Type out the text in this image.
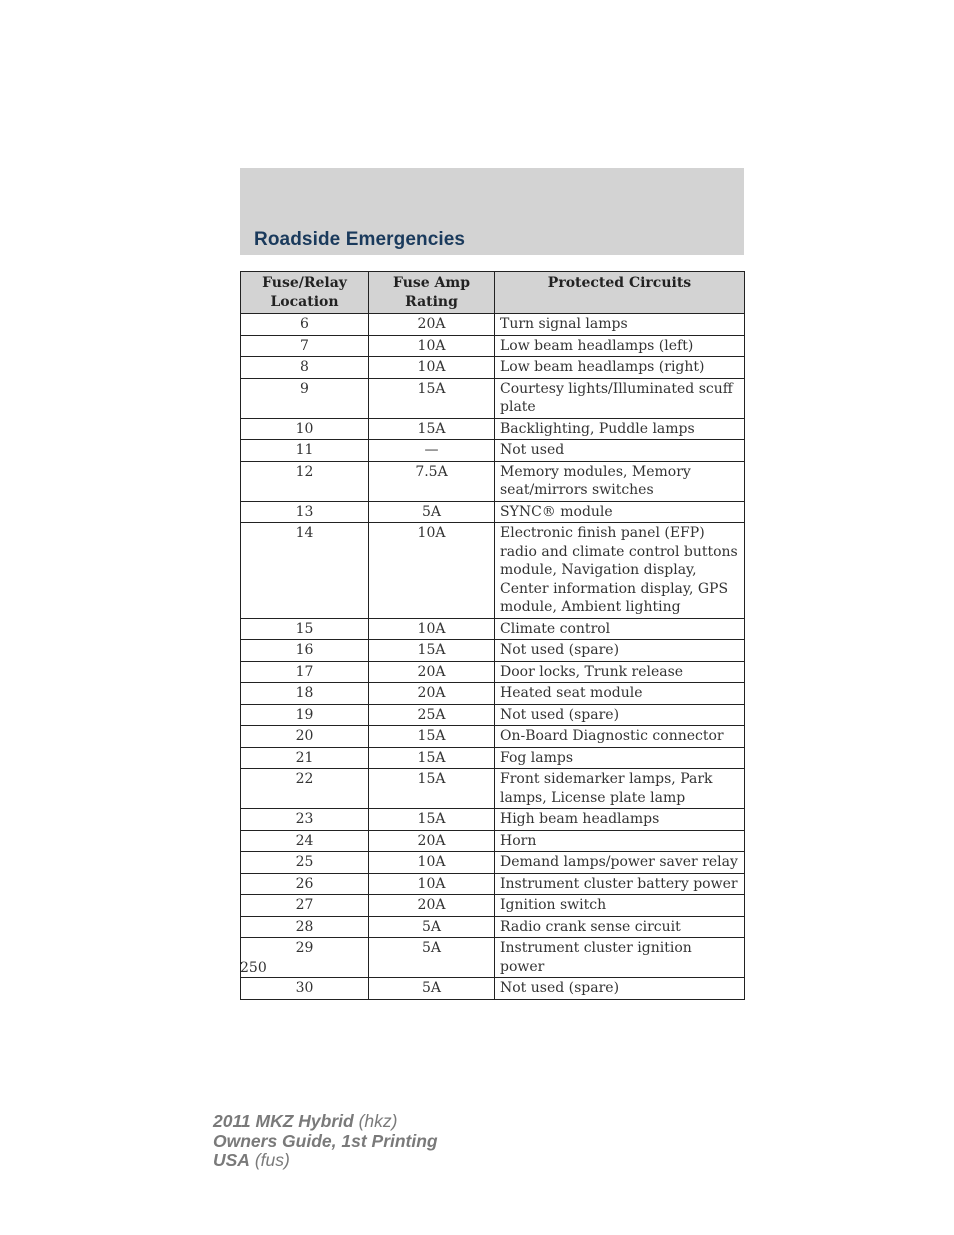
Roadside Emergencies
Fuse/Relay Location	Fuse Amp Rating	Protected Circuits
6	20A	Turn signal lamps
7	10A	Low beam headlamps (left)
8	10A	Low beam headlamps (right)
9	15A	Courtesy lights/Illuminated scuff plate
10	15A	Backlighting, Puddle lamps
11	—	Not used
12	7.5A	Memory modules, Memory seat/mirrors switches
13	5A	SYNC® module
14	10A	Electronic finish panel (EFP) radio and climate control buttons module, Navigation display, Center information display, GPS module, Ambient lighting
15	10A	Climate control
16	15A	Not used (spare)
17	20A	Door locks, Trunk release
18	20A	Heated seat module
19	25A	Not used (spare)
20	15A	On-Board Diagnostic connector
21	15A	Fog lamps
22	15A	Front sidemarker lamps, Park lamps, License plate lamp
23	15A	High beam headlamps
24	20A	Horn
25	10A	Demand lamps/power saver relay
26	10A	Instrument cluster battery power
27	20A	Ignition switch
28	5A	Radio crank sense circuit
29	5A	Instrument cluster ignition power
30	5A	Not used (spare)
250
2011 MKZ Hybrid (hkz)
Owners Guide, 1st Printing
USA (fus)
